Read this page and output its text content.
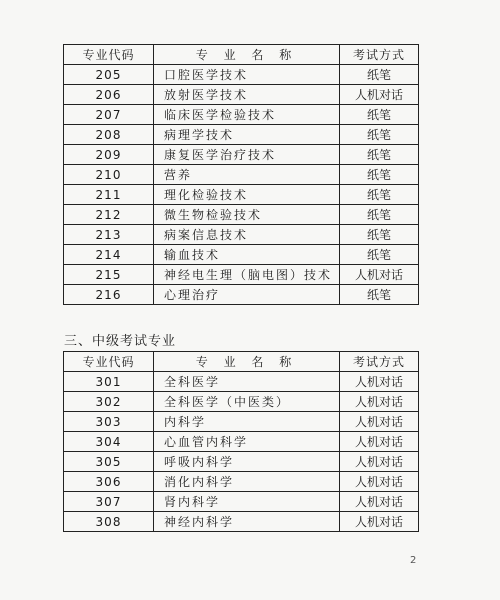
专业代码	专 业 名 称	考试方式
205	口腔医学技术	纸笔
206	放射医学技术	人机对话
207	临床医学检验技术	纸笔
208	病理学技术	纸笔
209	康复医学治疗技术	纸笔
210	营养	纸笔
211	理化检验技术	纸笔
212	微生物检验技术	纸笔
213	病案信息技术	纸笔
214	输血技术	纸笔
215	神经电生理（脑电图）技术	人机对话
216	心理治疗	纸笔
三、中级考试专业
专业代码	专 业 名 称	考试方式
301	全科医学	人机对话
302	全科医学（中医类）	人机对话
303	内科学	人机对话
304	心血管内科学	人机对话
305	呼吸内科学	人机对话
306	消化内科学	人机对话
307	肾内科学	人机对话
308	神经内科学	人机对话
2
